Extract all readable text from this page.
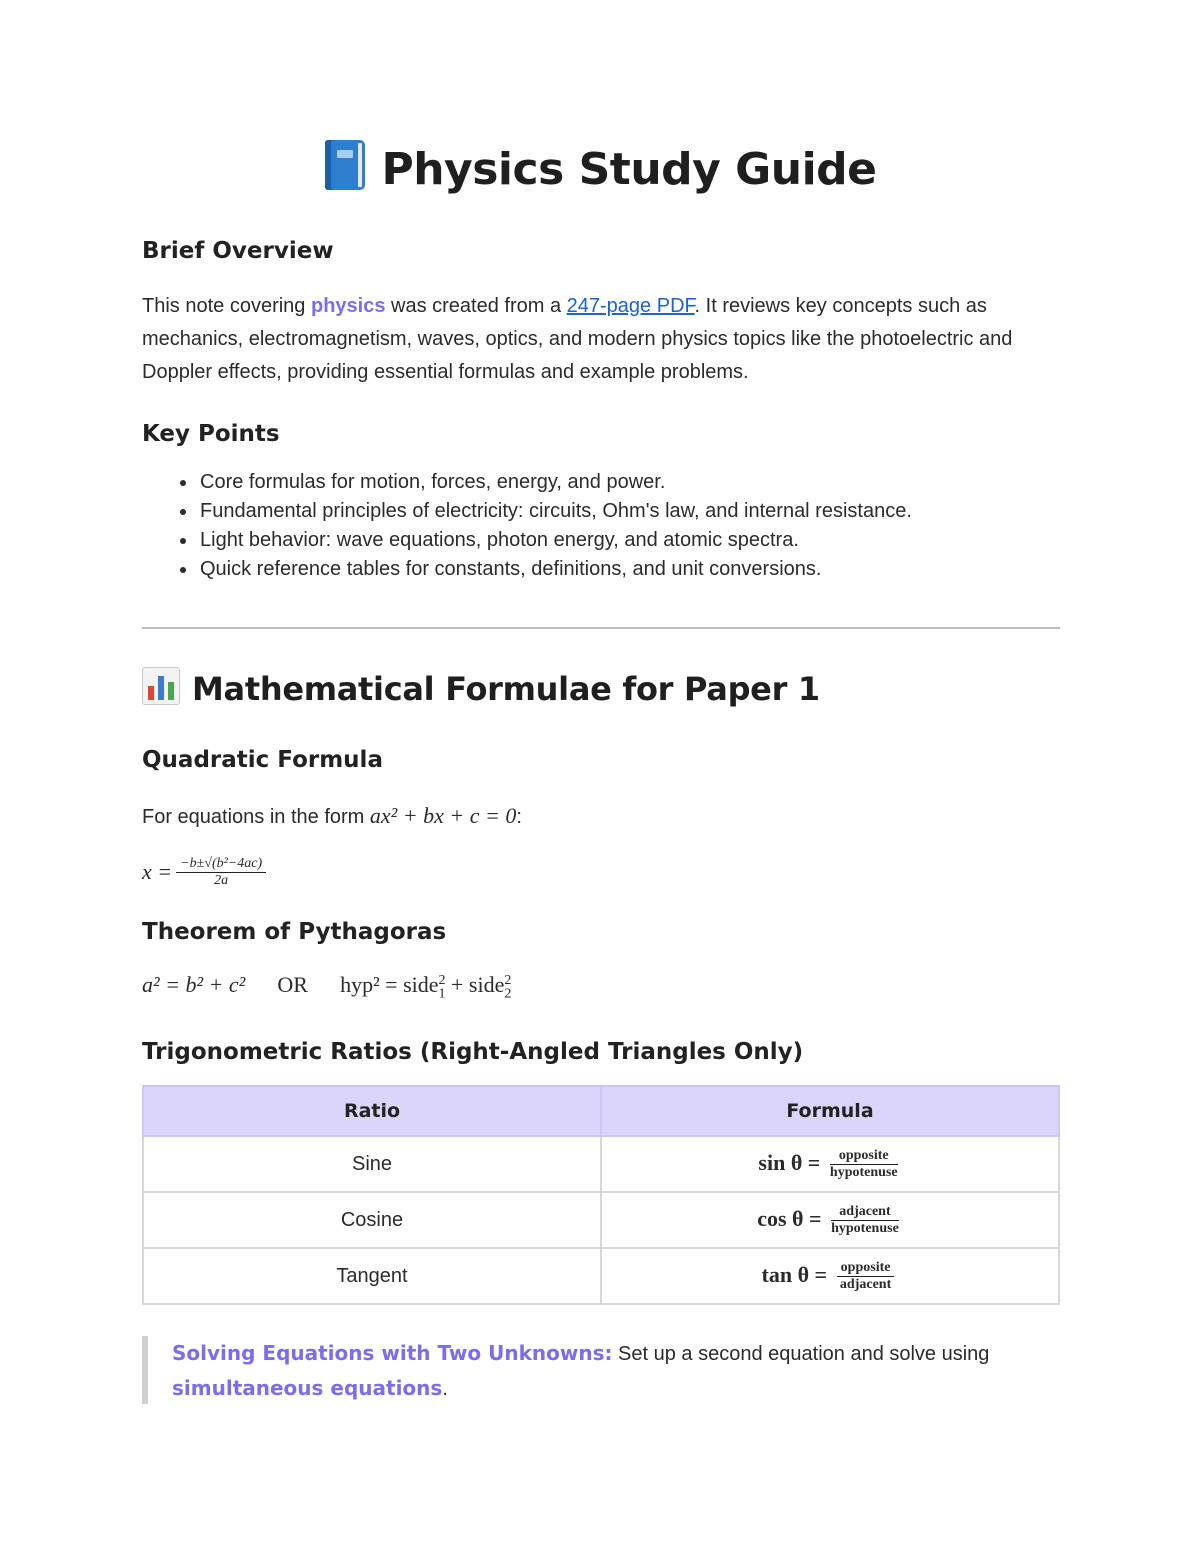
Physics Study Guide
Brief Overview

This note covering physics was created from a 247-page PDF. It reviews key concepts such as mechanics, electromagnetism, waves, optics, and modern physics topics like the photoelectric and Doppler effects, providing essential formulas and example problems.

Key Points
Core formulas for motion, forces, energy, and power.
Fundamental principles of electricity: circuits, Ohm's law, and internal resistance.
Light behavior: wave equations, photon energy, and atomic spectra.
Quick reference tables for constants, definitions, and unit conversions.
Mathematical Formulae for Paper 1
Quadratic Formula

For equations in the form ax² + bx + c = 0:

$x = \frac{\text{−b±√(b²−4ac)}}{2a}$
Theorem of Pythagoras
a² = b² + c² OR hyp² = side$_1^2$ + side$_2^2$
Trigonometric Ratios (Right-Angled Triangles Only)
Ratio	Formula
Sine	$\sin \theta = \frac{\text{opposite}}{\text{hypotenuse}}$

Cosine	$\cos \theta = \frac{\text{adjacent}}{\text{hypotenuse}}$

Tangent	$\tan \theta = \frac{\text{opposite}}{\text{adjacent}}$
Solving Equations with Two Unknowns: Set up a second equation and solve using simultaneous equations.
